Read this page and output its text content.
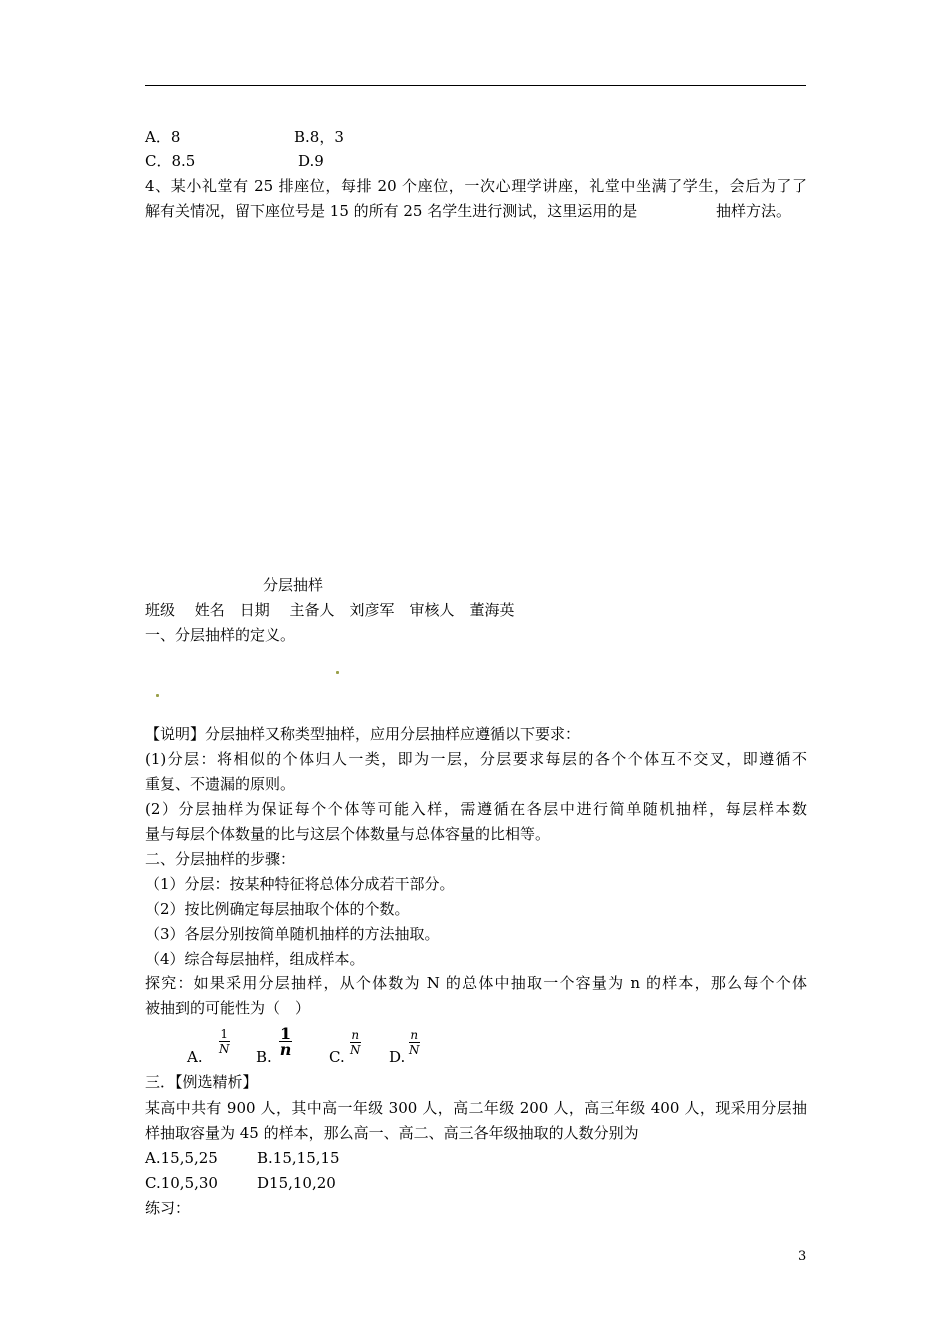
A．8	B.8，3
C．8.5	D.9
4、某小礼堂有 25 排座位，每排 20 个座位，一次心理学讲座，礼堂中坐满了学生，会后为了了
解有关情况，留下座位号是 15 的所有 25 名学生进行测试，这里运用的是	抽样方法。
分层抽样
班级　 姓名　日期　 主备人　刘彦军　审核人　董海英
一、分层抽样的定义。
【说明】分层抽样又称类型抽样，应用分层抽样应遵循以下要求：
(1)分层：将相似的个体归人一类，即为一层，分层要求每层的各个个体互不交叉，即遵循不
重复、不遗漏的原则。
(2）分层抽样为保证每个个体等可能入样，需遵循在各层中进行简单随机抽样，每层样本数
量与每层个体数量的比与这层个体数量与总体容量的比相等。
二、分层抽样的步骤：
（1）分层：按某种特征将总体分成若干部分。
（2）按比例确定每层抽取个体的个数。
（3）各层分别按简单随机抽样的方法抽取。
（4）综合每层抽样，组成样本。
探究：如果采用分层抽样，从个体数为 N 的总体中抽取一个容量为 n 的样本，那么每个个体
被抽到的可能性为（　）
A.
$\frac{1}{N}$
B. $\frac{1}{n} C$. $\frac{n}{N} D$. $\frac{n}{N}$
三．【例选精析】
某高中共有 900 人，其中高一年级 300 人，高二年级 200 人，高三年级 400 人，现采用分层抽
样抽取容量为 45 的样本，那么高一、高二、高三各年级抽取的人数分别为
A.15,5,25	B.15,15,15
C.10,5,30	D15,10,20
练习：
3
